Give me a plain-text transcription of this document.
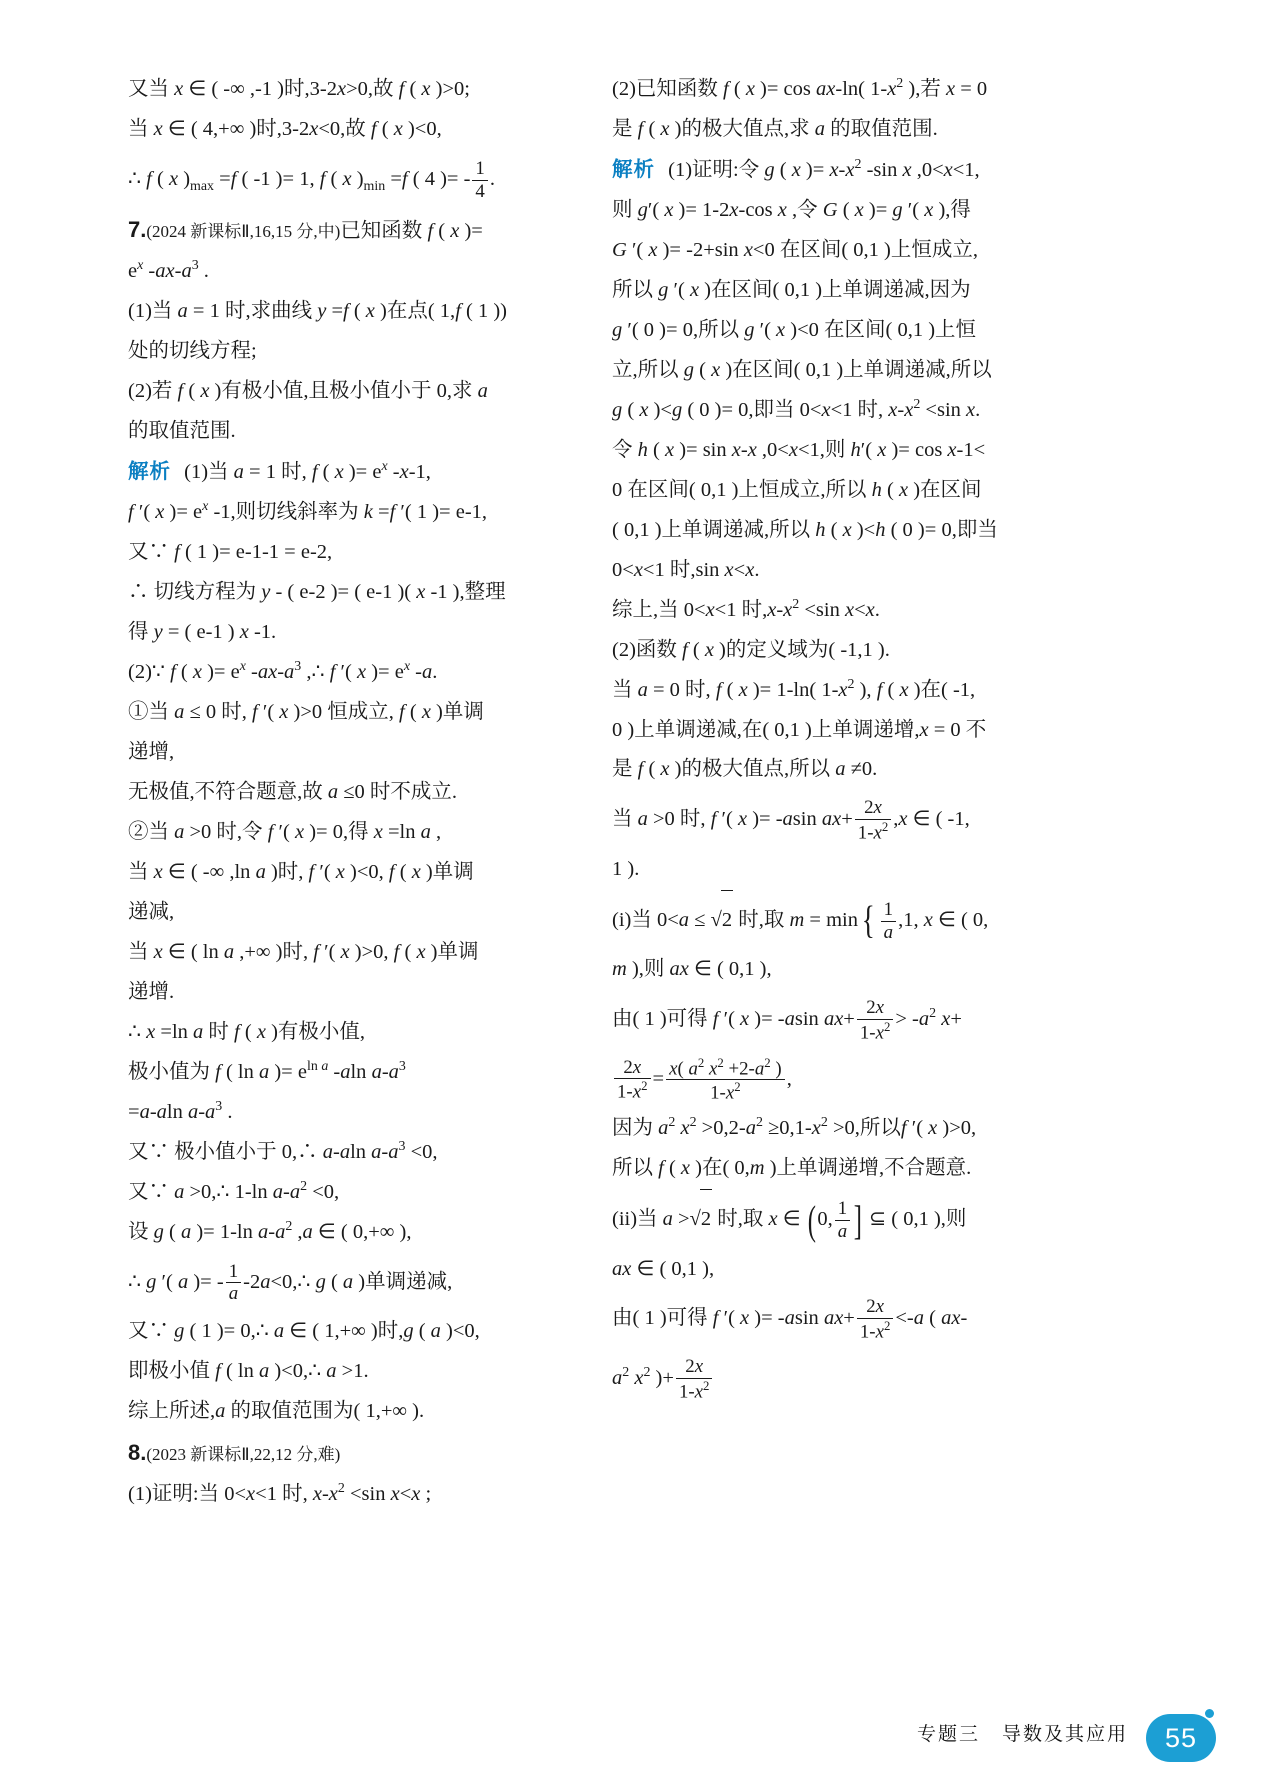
又当 x ∈ ( -∞ ,-1 )时,3-2x>0,故 f ( x )>0;
当 x ∈ ( 4,+∞ )时,3-2x<0,故 f ( x )<0,
∴ f ( x )$_{max} =f$ ( -1 )= 1, f ( x )$_{min} =f$ ( 4 )= - $\frac{1}{4}$ .
7.(2024 新课标Ⅱ,16,15 分,中)已知函数 f ( x )=
$e^x$ $-ax-a^3$ .
(1)当 a = 1 时,求曲线 y =f ( x )在点( 1,f ( 1 ))
处的切线方程;
(2)若 f ( x )有极小值,且极小值小于 0,求 a
的取值范围.
解析 (1)当 a = 1 时, f ( x )= $e^x$ -x-1,
f ′( x )= $e^x$ -1,则切线斜率为 k =f ′( 1 )= e-1,
又∵ f ( 1 )= e-1-1 = e-2,
∴ 切线方程为 y - ( e-2 )= ( e-1 )( x -1 ),整理
得 y = ( e-1 ) x -1.
(2)∵ f ( x )= $e^x$ $-ax-a^3$ ,∴ f ′( x )= $e^x$ -a.
①当 a ≤ 0 时, f ′( x )>0 恒成立, f ( x )单调
递增,
无极值,不符合题意,故 a ≤0 时不成立.
②当 a >0 时,令 f ′( x )= 0,得 x =ln a ,
当 x ∈ ( -∞ ,ln a )时, f ′( x )<0, f ( x )单调
递减,
当 x ∈ ( ln a ,+∞ )时, f ′( x )>0, f ( x )单调
递增.
∴ x =ln a 时 f ( x )有极小值,
极小值为 f ( ln a )= $e^{ln a}$ -aln $a-a^3$
=a-aln $a-a^3$ .
又∵ 极小值小于 0,∴ a-aln $a-a^3 <0$,
又∵ a >0,∴ 1-ln $a-a^2 <0$,
设 g ( a )= 1-ln $a-a^2$ ,a ∈ ( 0,+∞ ),
∴ g ′( a )= - $\frac{1}{a}$ -2a<0,∴ g ( a )单调递减,
又∵ g ( 1 )= 0,∴ a ∈ ( 1,+∞ )时,g ( a )<0,
即极小值 f ( ln a )<0,∴ a >1.
综上所述,a 的取值范围为( 1,+∞ ).
8.(2023 新课标Ⅱ,22,12 分,难)
(1)证明:当 0<x<1 时, $x-x^2 <\sin$ x<x ;
(2)已知函数 f ( x )= cos ax-ln( $1-x^2$ ),若 x = 0
是 f ( x )的极大值点,求 a 的取值范围.
解析 (1)证明:令 g ( x )= $x-x^2$ -sin x ,0<x<1,
则 g′( x )= 1-2x-cos x ,令 G ( x )= g ′( x ),得
G ′( x )= -2+sin x<0 在区间( 0,1 )上恒成立,
所以 g ′( x )在区间( 0,1 )上单调递减,因为
g ′( 0 )= 0,所以 g ′( x )<0 在区间( 0,1 )上恒
立,所以 g ( x )在区间( 0,1 )上单调递减,所以
g ( x )<g ( 0 )= 0,即当 0<x<1 时, $x-x^2 <\sin$ x.
令 h ( x )= sin x-x ,0<x<1,则 h′( x )= cos x-1<
0 在区间( 0,1 )上恒成立,所以 h ( x )在区间
( 0,1 )上单调递减,所以 h ( x )<h ( 0 )= 0,即当
0<x<1 时,sin x<x.
综上,当 0<x<1 时$,x-x^2 <\sin$ x<x.
(2)函数 f ( x )的定义域为( -1,1 ).
当 a = 0 时, f ( x )= 1-ln( $1-x^2$ ), f ( x )在( -1,
0 )上单调递减,在( 0,1 )上单调递增,x = 0 不
是 f ( x )的极大值点,所以 a ≠0.
当 a >0 时, f ′( x )= -asin $ax+ \frac{2x}{1-x^2} ,x$ ∈ ( -1,
1 ).
(i)当 0<a ≤ √2 时,取 $m = \min\{ \frac{1}{a} ,1$, x ∈ ( 0,
m ),则 ax ∈ ( 0,1 ),
由( 1 )可得 f ′( x )= -asin $ax+ \frac{2x}{1-x^2} > -a^2$ x+
$\frac{2x}{1-x^2} = \frac{x( a^2 x^2 +2-a^2 )}{1-x^2}$ ,
因为 $a^2$ $x^2 >0,2-a^2 \ge 0,1-x^2 >0$,所以f ′( x )>0,
所以 f ( x )在( 0,m )上单调递增,不合题意.
(ii)当 a >√2 时,取 x ∈ (0, $\frac{1}{a}$ ] ⊆ ( 0,1 ),则
ax ∈ ( 0,1 ),
由( 1 )可得 f ′( x )= -asin $ax+ \frac{2x}{1-x^2} <-a$ ( ax-
$a^2$ $x^2$ )+ $\frac{2x}{1-x^2}$
专题三 导数及其应用	55
